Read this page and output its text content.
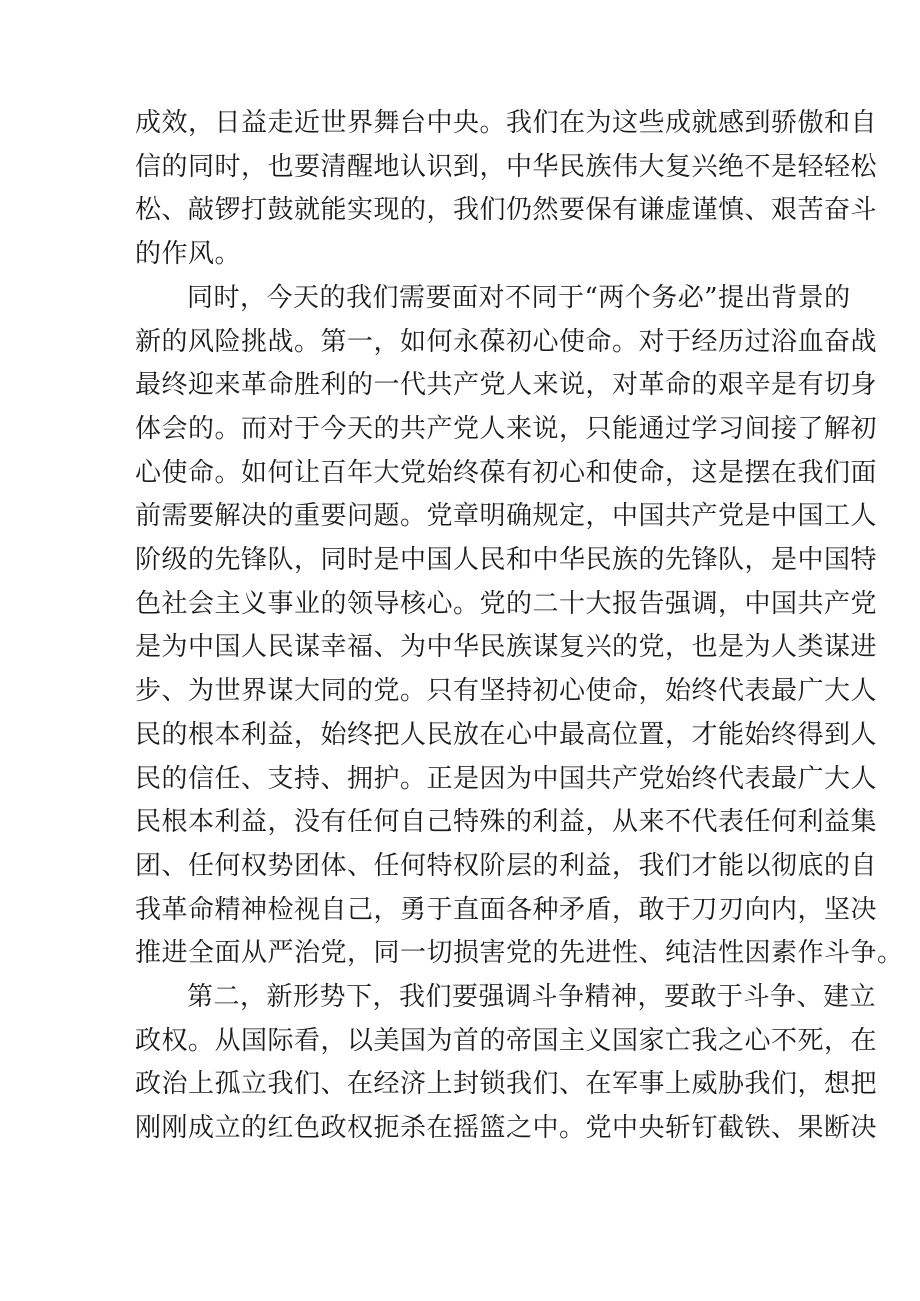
成效，日益走近世界舞台中央。我们在为这些成就感到骄傲和自
信的同时，也要清醒地认识到，中华民族伟大复兴绝不是轻轻松
松、敲锣打鼓就能实现的，我们仍然要保有谦虚谨慎、艰苦奋斗
的作风。
同时，今天的我们需要面对不同于“两个务必”提出背景的
新的风险挑战。第一，如何永葆初心使命。对于经历过浴血奋战
最终迎来革命胜利的一代共产党人来说，对革命的艰辛是有切身
体会的。而对于今天的共产党人来说，只能通过学习间接了解初
心使命。如何让百年大党始终葆有初心和使命，这是摆在我们面
前需要解决的重要问题。党章明确规定，中国共产党是中国工人
阶级的先锋队，同时是中国人民和中华民族的先锋队，是中国特
色社会主义事业的领导核心。党的二十大报告强调，中国共产党
是为中国人民谋幸福、为中华民族谋复兴的党，也是为人类谋进
步、为世界谋大同的党。只有坚持初心使命，始终代表最广大人
民的根本利益，始终把人民放在心中最高位置，才能始终得到人
民的信任、支持、拥护。正是因为中国共产党始终代表最广大人
民根本利益，没有任何自己特殊的利益，从来不代表任何利益集
团、任何权势团体、任何特权阶层的利益，我们才能以彻底的自
我革命精神检视自己，勇于直面各种矛盾，敢于刀刃向内，坚决
推进全面从严治党，同一切损害党的先进性、纯洁性因素作斗争。
第二，新形势下，我们要强调斗争精神，要敢于斗争、建立
政权。从国际看，以美国为首的帝国主义国家亡我之心不死，在
政治上孤立我们、在经济上封锁我们、在军事上威胁我们，想把
刚刚成立的红色政权扼杀在摇篮之中。党中央斩钉截铁、果断决
